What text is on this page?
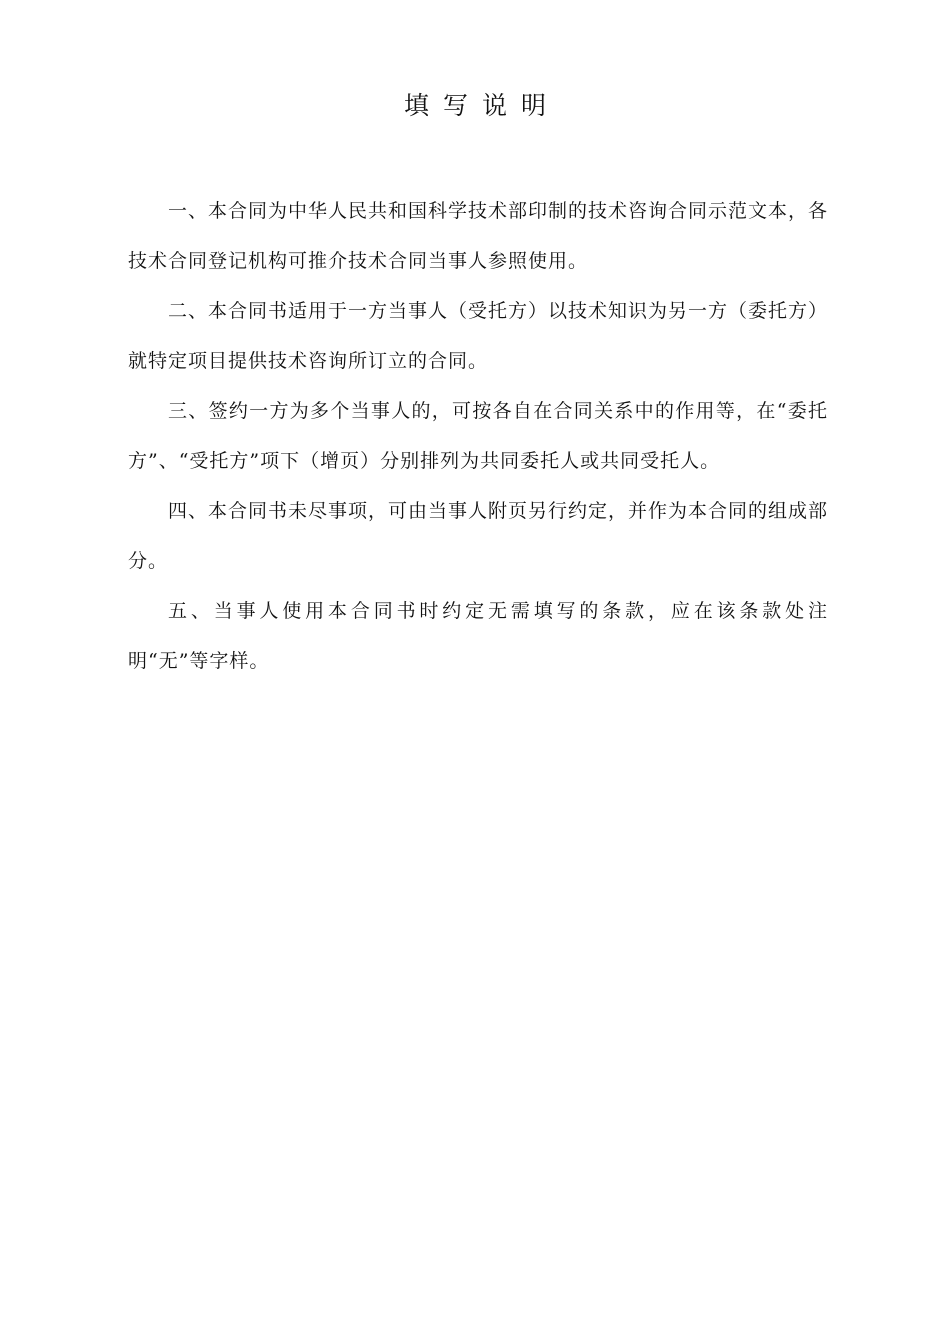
填写说明

一、本合同为中华人民共和国科学技术部印制的技术咨询合同示范文本，各技术合同登记机构可推介技术合同当事人参照使用。

二、本合同书适用于一方当事人（受托方）以技术知识为另一方（委托方）就特定项目提供技术咨询所订立的合同。

三、签约一方为多个当事人的，可按各自在合同关系中的作用等，在“委托方”、“受托方”项下（增页）分别排列为共同委托人或共同受托人。

四、本合同书未尽事项，可由当事人附页另行约定，并作为本合同的组成部分。

五、当事人使用本合同书时约定无需填写的条款，应在该条款处注明“无”等字样。
